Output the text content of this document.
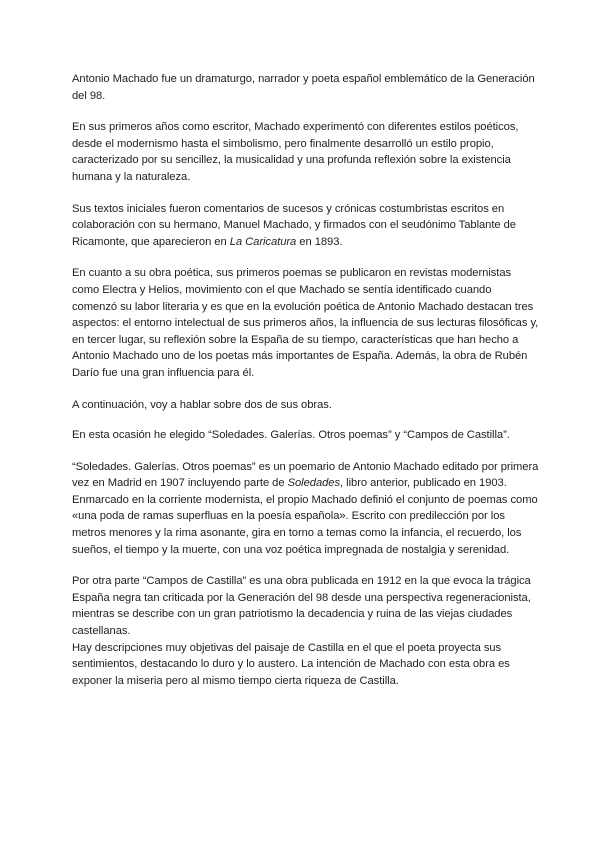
Antonio Machado fue un dramaturgo, narrador y poeta español emblemático de la Generación del 98.

En sus primeros años como escritor, Machado experimentó con diferentes estilos poéticos, desde el modernismo hasta el simbolismo, pero finalmente desarrolló un estilo propio, caracterizado por su sencillez, la musicalidad y una profunda reflexión sobre la existencia humana y la naturaleza.

Sus textos iniciales fueron comentarios de sucesos y crónicas costumbristas escritos en colaboración con su hermano, Manuel Machado, y firmados con el seudónimo Tablante de Ricamonte, que aparecieron en La Caricatura en 1893.

En cuanto a su obra poética, sus primeros poemas se publicaron en revistas modernistas como Electra y Helios, movimiento con el que Machado se sentía identificado cuando comenzó su labor literaria y es que en la evolución poética de Antonio Machado destacan tres aspectos: el entorno intelectual de sus primeros años, la influencia de sus lecturas filosóficas y, en tercer lugar, su reflexión sobre la España de su tiempo, características que han hecho a Antonio Machado uno de los poetas más importantes de España. Además, la obra de Rubén Darío fue una gran influencia para él.

A continuación, voy a hablar sobre dos de sus obras.

En esta ocasión he elegido “Soledades. Galerías. Otros poemas” y “Campos de Castilla”.

“Soledades. Galerías. Otros poemas” es un poemario de Antonio Machado editado por primera vez en Madrid en 1907 incluyendo parte de Soledades, libro anterior, publicado en 1903. Enmarcado en la corriente modernista, el propio Machado definió el conjunto de poemas como «una poda de ramas superfluas en la poesía española». Escrito con predilección por los metros menores y la rima asonante, gira en torno a temas como la infancia, el recuerdo, los sueños, el tiempo y la muerte, con una voz poética impregnada de nostalgia y serenidad.

Por otra parte “Campos de Castilla” es una obra publicada en 1912 en la que evoca la trágica España negra tan criticada por la Generación del 98 desde una perspectiva regeneracionista, mientras se describe con un gran patriotismo la decadencia y ruina de las viejas ciudades castellanas.

Hay descripciones muy objetivas del paisaje de Castilla en el que el poeta proyecta sus sentimientos, destacando lo duro y lo austero. La intención de Machado con esta obra es exponer la miseria pero al mismo tiempo cierta riqueza de Castilla.
